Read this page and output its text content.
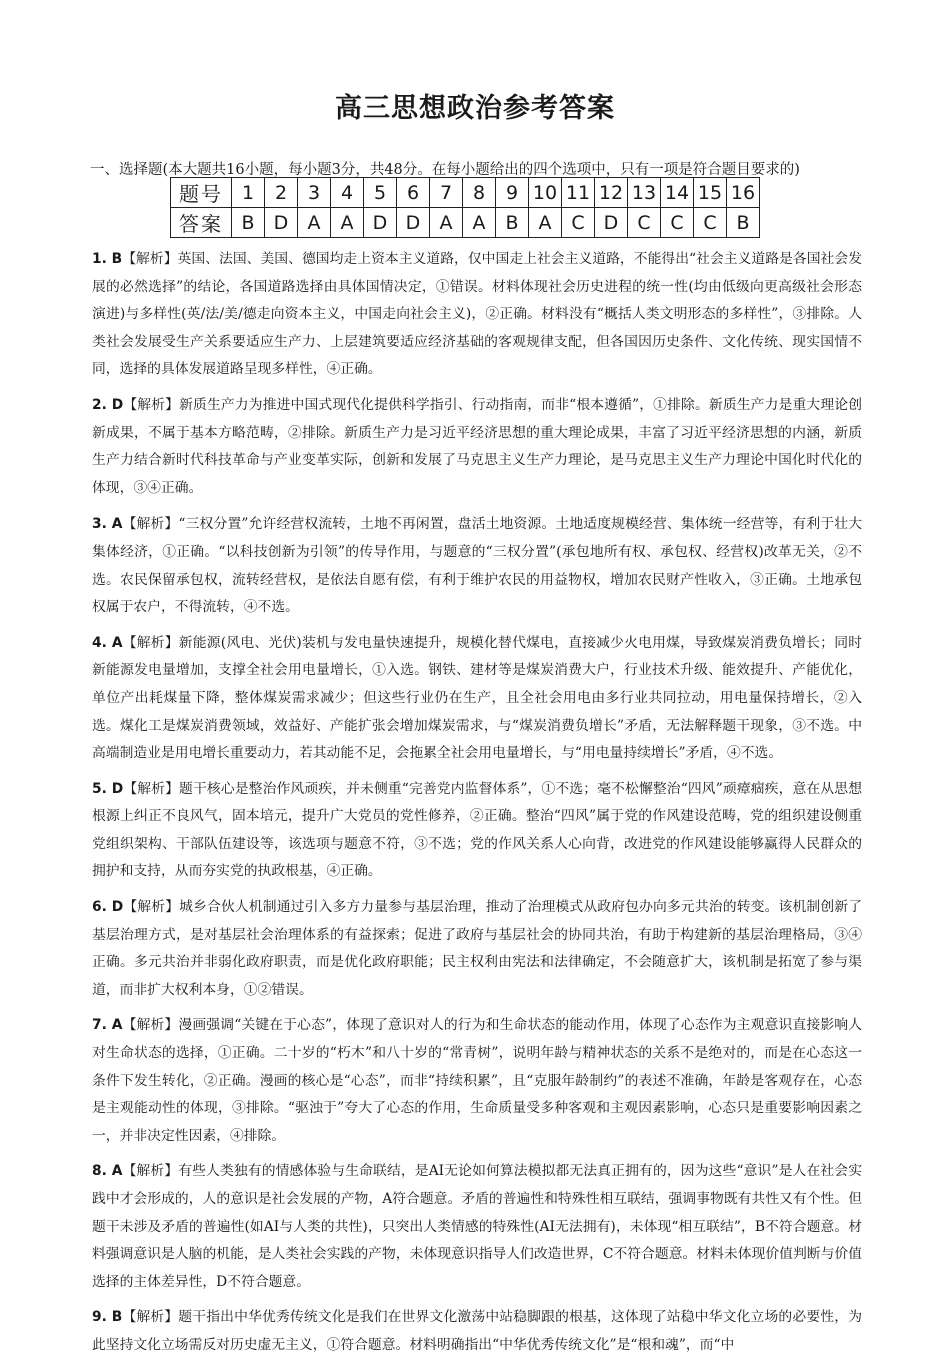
高三思想政治参考答案
一、选择题(本大题共16小题，每小题3分，共48分。在每小题给出的四个选项中，只有一项是符合题目要求的)
题号	1	2	3	4	5	6	7	8	9	10	11	12	13	14	15	16
答案	B	D	A	A	D	D	A	A	B	A	C	D	C	C	C	B
1. B【解析】英国、法国、美国、德国均走上资本主义道路，仅中国走上社会主义道路，不能得出“社会主义道路是各国社会发展的必然选择”的结论，各国道路选择由具体国情决定，①错误。材料体现社会历史进程的统一性(均由低级向更高级社会形态演进)与多样性(英/法/美/德走向资本主义，中国走向社会主义)，②正确。材料没有“概括人类文明形态的多样性”，③排除。人类社会发展受生产关系要适应生产力、上层建筑要适应经济基础的客观规律支配，但各国因历史条件、文化传统、现实国情不同，选择的具体发展道路呈现多样性，④正确。
2. D【解析】新质生产力为推进中国式现代化提供科学指引、行动指南，而非“根本遵循”，①排除。新质生产力是重大理论创新成果，不属于基本方略范畴，②排除。新质生产力是习近平经济思想的重大理论成果，丰富了习近平经济思想的内涵，新质生产力结合新时代科技革命与产业变革实际，创新和发展了马克思主义生产力理论，是马克思主义生产力理论中国化时代化的体现，③④正确。
3. A【解析】“三权分置”允许经营权流转，土地不再闲置，盘活土地资源。土地适度规模经营、集体统一经营等，有利于壮大集体经济，①正确。“以科技创新为引领”的传导作用，与题意的“三权分置”(承包地所有权、承包权、经营权)改革无关，②不选。农民保留承包权，流转经营权，是依法自愿有偿，有利于维护农民的用益物权，增加农民财产性收入，③正确。土地承包权属于农户，不得流转，④不选。
4. A【解析】新能源(风电、光伏)装机与发电量快速提升，规模化替代煤电，直接减少火电用煤，导致煤炭消费负增长；同时新能源发电量增加，支撑全社会用电量增长，①入选。钢铁、建材等是煤炭消费大户，行业技术升级、能效提升、产能优化，单位产出耗煤量下降，整体煤炭需求减少；但这些行业仍在生产，且全社会用电由多行业共同拉动，用电量保持增长，②入选。煤化工是煤炭消费领域，效益好、产能扩张会增加煤炭需求，与“煤炭消费负增长”矛盾，无法解释题干现象，③不选。中高端制造业是用电增长重要动力，若其动能不足，会拖累全社会用电量增长，与“用电量持续增长”矛盾，④不选。
5. D【解析】题干核心是整治作风顽疾，并未侧重“完善党内监督体系”，①不选；毫不松懈整治“四风”顽瘴痼疾，意在从思想根源上纠正不良风气，固本培元，提升广大党员的党性修养，②正确。整治“四风”属于党的作风建设范畴，党的组织建设侧重党组织架构、干部队伍建设等，该选项与题意不符，③不选；党的作风关系人心向背，改进党的作风建设能够赢得人民群众的拥护和支持，从而夯实党的执政根基，④正确。
6. D【解析】城乡合伙人机制通过引入多方力量参与基层治理，推动了治理模式从政府包办向多元共治的转变。该机制创新了基层治理方式，是对基层社会治理体系的有益探索；促进了政府与基层社会的协同共治，有助于构建新的基层治理格局，③④正确。多元共治并非弱化政府职责，而是优化政府职能；民主权利由宪法和法律确定，不会随意扩大，该机制是拓宽了参与渠道，而非扩大权利本身，①②错误。
7. A【解析】漫画强调“关键在于心态”，体现了意识对人的行为和生命状态的能动作用，体现了心态作为主观意识直接影响人对生命状态的选择，①正确。二十岁的“朽木”和八十岁的“常青树”，说明年龄与精神状态的关系不是绝对的，而是在心态这一条件下发生转化，②正确。漫画的核心是“心态”，而非“持续积累”，且“克服年龄制约”的表述不准确，年龄是客观存在，心态是主观能动性的体现，③排除。“驱浊于”夸大了心态的作用，生命质量受多种客观和主观因素影响，心态只是重要影响因素之一，并非决定性因素，④排除。
8. A【解析】有些人类独有的情感体验与生命联结，是AI无论如何算法模拟都无法真正拥有的，因为这些“意识”是人在社会实践中才会形成的，人的意识是社会发展的产物，A符合题意。矛盾的普遍性和特殊性相互联结，强调事物既有共性又有个性。但题干未涉及矛盾的普遍性(如AI与人类的共性)，只突出人类情感的特殊性(AI无法拥有)，未体现“相互联结”，B不符合题意。材料强调意识是人脑的机能，是人类社会实践的产物，未体现意识指导人们改造世界，C不符合题意。材料未体现价值判断与价值选择的主体差异性，D不符合题意。
9. B【解析】题干指出中华优秀传统文化是我们在世界文化激荡中站稳脚跟的根基，这体现了站稳中华文化立场的必要性，为此坚持文化立场需反对历史虚无主义，①符合题意。材料明确指出“中华优秀传统文化”是“根和魂”，而“中
